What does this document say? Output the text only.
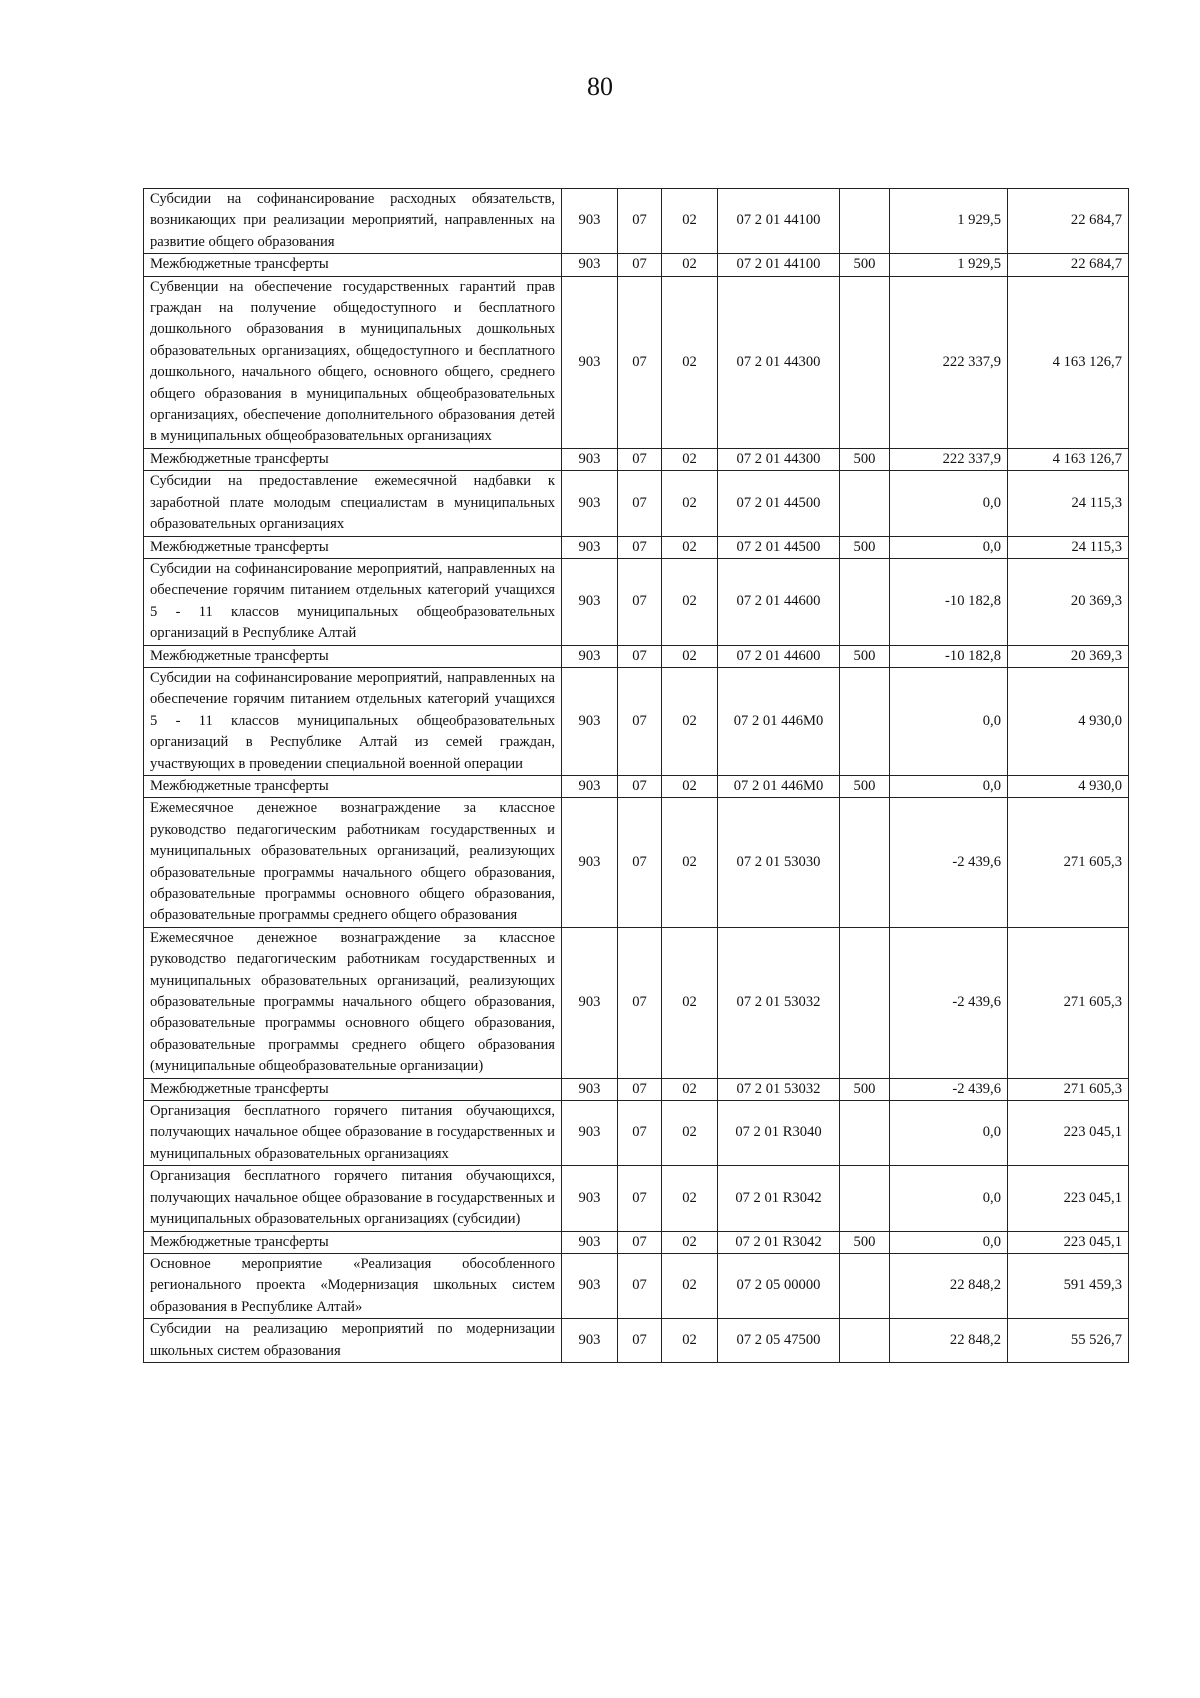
80
Субсидии на софинансирование расходных обязательств, возникающих при реализации мероприятий, направленных на развитие общего образования	903	07	02	07 2 01 44100		1 929,5	22 684,7
Межбюджетные трансферты	903	07	02	07 2 01 44100	500	1 929,5	22 684,7
Субвенции на обеспечение государственных гарантий прав граждан на получение общедоступного и бесплатного дошкольного образования в муниципальных дошкольных образовательных организациях, общедоступного и бесплатного дошкольного, начального общего, основного общего, среднего общего образования в муниципальных общеобразовательных организациях, обеспечение дополнительного образования детей в муниципальных общеобразовательных организациях	903	07	02	07 2 01 44300		222 337,9	4 163 126,7
Межбюджетные трансферты	903	07	02	07 2 01 44300	500	222 337,9	4 163 126,7
Субсидии на предоставление ежемесячной надбавки к заработной плате молодым специалистам в муниципальных образовательных организациях	903	07	02	07 2 01 44500		0,0	24 115,3
Межбюджетные трансферты	903	07	02	07 2 01 44500	500	0,0	24 115,3
Субсидии на софинансирование мероприятий, направленных на обеспечение горячим питанием отдельных категорий учащихся 5 - 11 классов муниципальных общеобразовательных организаций в Республике Алтай	903	07	02	07 2 01 44600		-10 182,8	20 369,3
Межбюджетные трансферты	903	07	02	07 2 01 44600	500	-10 182,8	20 369,3
Субсидии на софинансирование мероприятий, направленных на обеспечение горячим питанием отдельных категорий учащихся 5 - 11 классов муниципальных общеобразовательных организаций в Республике Алтай из семей граждан, участвующих в проведении специальной военной операции	903	07	02	07 2 01 446М0		0,0	4 930,0
Межбюджетные трансферты	903	07	02	07 2 01 446М0	500	0,0	4 930,0
Ежемесячное денежное вознаграждение за классное руководство педагогическим работникам государственных и муниципальных образовательных организаций, реализующих образовательные программы начального общего образования, образовательные программы основного общего образования, образовательные программы среднего общего образования	903	07	02	07 2 01 53030		-2 439,6	271 605,3
Ежемесячное денежное вознаграждение за классное руководство педагогическим работникам государственных и муниципальных образовательных организаций, реализующих образовательные программы начального общего образования, образовательные программы основного общего образования, образовательные программы среднего общего образования (муниципальные общеобразовательные организации)	903	07	02	07 2 01 53032		-2 439,6	271 605,3
Межбюджетные трансферты	903	07	02	07 2 01 53032	500	-2 439,6	271 605,3
Организация бесплатного горячего питания обучающихся, получающих начальное общее образование в государственных и муниципальных образовательных организациях	903	07	02	07 2 01 R3040		0,0	223 045,1
Организация бесплатного горячего питания обучающихся, получающих начальное общее образование в государственных и муниципальных образовательных организациях (субсидии)	903	07	02	07 2 01 R3042		0,0	223 045,1
Межбюджетные трансферты	903	07	02	07 2 01 R3042	500	0,0	223 045,1
Основное мероприятие «Реализация обособленного регионального проекта «Модернизация школьных систем образования в Республике Алтай»	903	07	02	07 2 05 00000		22 848,2	591 459,3
Субсидии на реализацию мероприятий по модернизации школьных систем образования	903	07	02	07 2 05 47500		22 848,2	55 526,7
